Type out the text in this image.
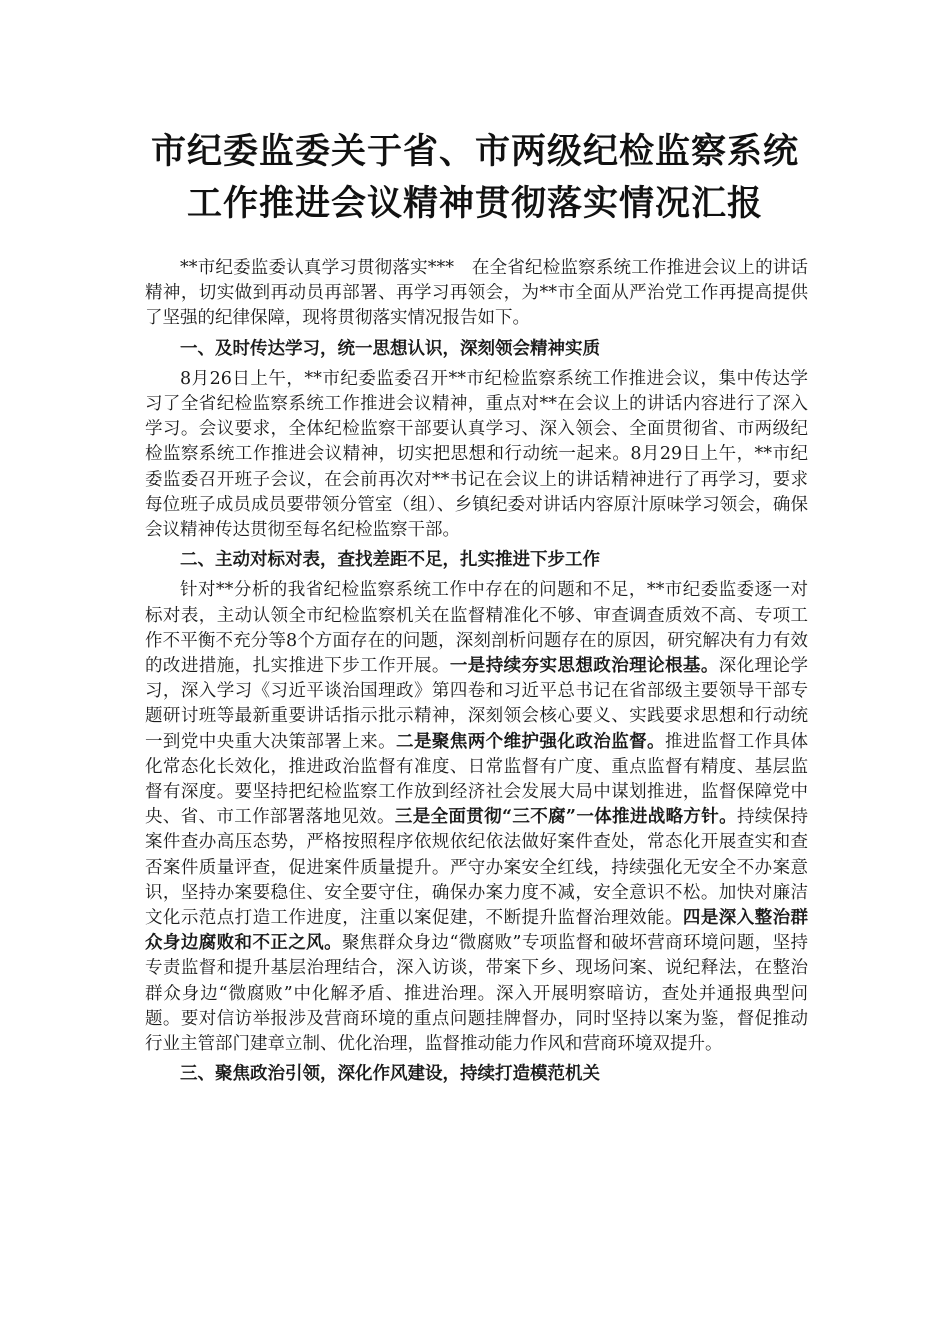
市纪委监委关于省、市两级纪检监察系统
工作推进会议精神贯彻落实情况汇报

**市纪委监委认真学习贯彻落实***　在全省纪检监察系统工作推进会议上的讲话精神，切实做到再动员再部署、再学习再领会，为**市全面从严治党工作再提高提供了坚强的纪律保障，现将贯彻落实情况报告如下。

一、及时传达学习，统一思想认识，深刻领会精神实质

8月26日上午，**市纪委监委召开**市纪检监察系统工作推进会议，集中传达学习了全省纪检监察系统工作推进会议精神，重点对**在会议上的讲话内容进行了深入学习。会议要求，全体纪检监察干部要认真学习、深入领会、全面贯彻省、市两级纪检监察系统工作推进会议精神，切实把思想和行动统一起来。8月29日上午，**市纪委监委召开班子会议，在会前再次对**书记在会议上的讲话精神进行了再学习，要求每位班子成员成员要带领分管室（组）、乡镇纪委对讲话内容原汁原味学习领会，确保会议精神传达贯彻至每名纪检监察干部。

二、主动对标对表，查找差距不足，扎实推进下步工作

针对**分析的我省纪检监察系统工作中存在的问题和不足，**市纪委监委逐一对标对表，主动认领全市纪检监察机关在监督精准化不够、审查调查质效不高、专项工作不平衡不充分等8个方面存在的问题，深刻剖析问题存在的原因，研究解决有力有效的改进措施，扎实推进下步工作开展。一是持续夯实思想政治理论根基。深化理论学习，深入学习《习近平谈治国理政》第四卷和习近平总书记在省部级主要领导干部专题研讨班等最新重要讲话指示批示精神，深刻领会核心要义、实践要求思想和行动统一到党中央重大决策部署上来。二是聚焦两个维护强化政治监督。推进监督工作具体化常态化长效化，推进政治监督有准度、日常监督有广度、重点监督有精度、基层监督有深度。要坚持把纪检监察工作放到经济社会发展大局中谋划推进，监督保障党中央、省、市工作部署落地见效。三是全面贯彻“三不腐”一体推进战略方针。持续保持案件查办高压态势，严格按照程序依规依纪依法做好案件查处，常态化开展查实和查否案件质量评查，促进案件质量提升。严守办案安全红线，持续强化无安全不办案意识，坚持办案要稳住、安全要守住，确保办案力度不减，安全意识不松。加快对廉洁文化示范点打造工作进度，注重以案促建，不断提升监督治理效能。四是深入整治群众身边腐败和不正之风。聚焦群众身边“微腐败”专项监督和破坏营商环境问题，坚持专责监督和提升基层治理结合，深入访谈，带案下乡、现场问案、说纪释法，在整治群众身边“微腐败”中化解矛盾、推进治理。深入开展明察暗访，查处并通报典型问题。要对信访举报涉及营商环境的重点问题挂牌督办，同时坚持以案为鉴，督促推动行业主管部门建章立制、优化治理，监督推动能力作风和营商环境双提升。

三、聚焦政治引领，深化作风建设，持续打造模范机关
